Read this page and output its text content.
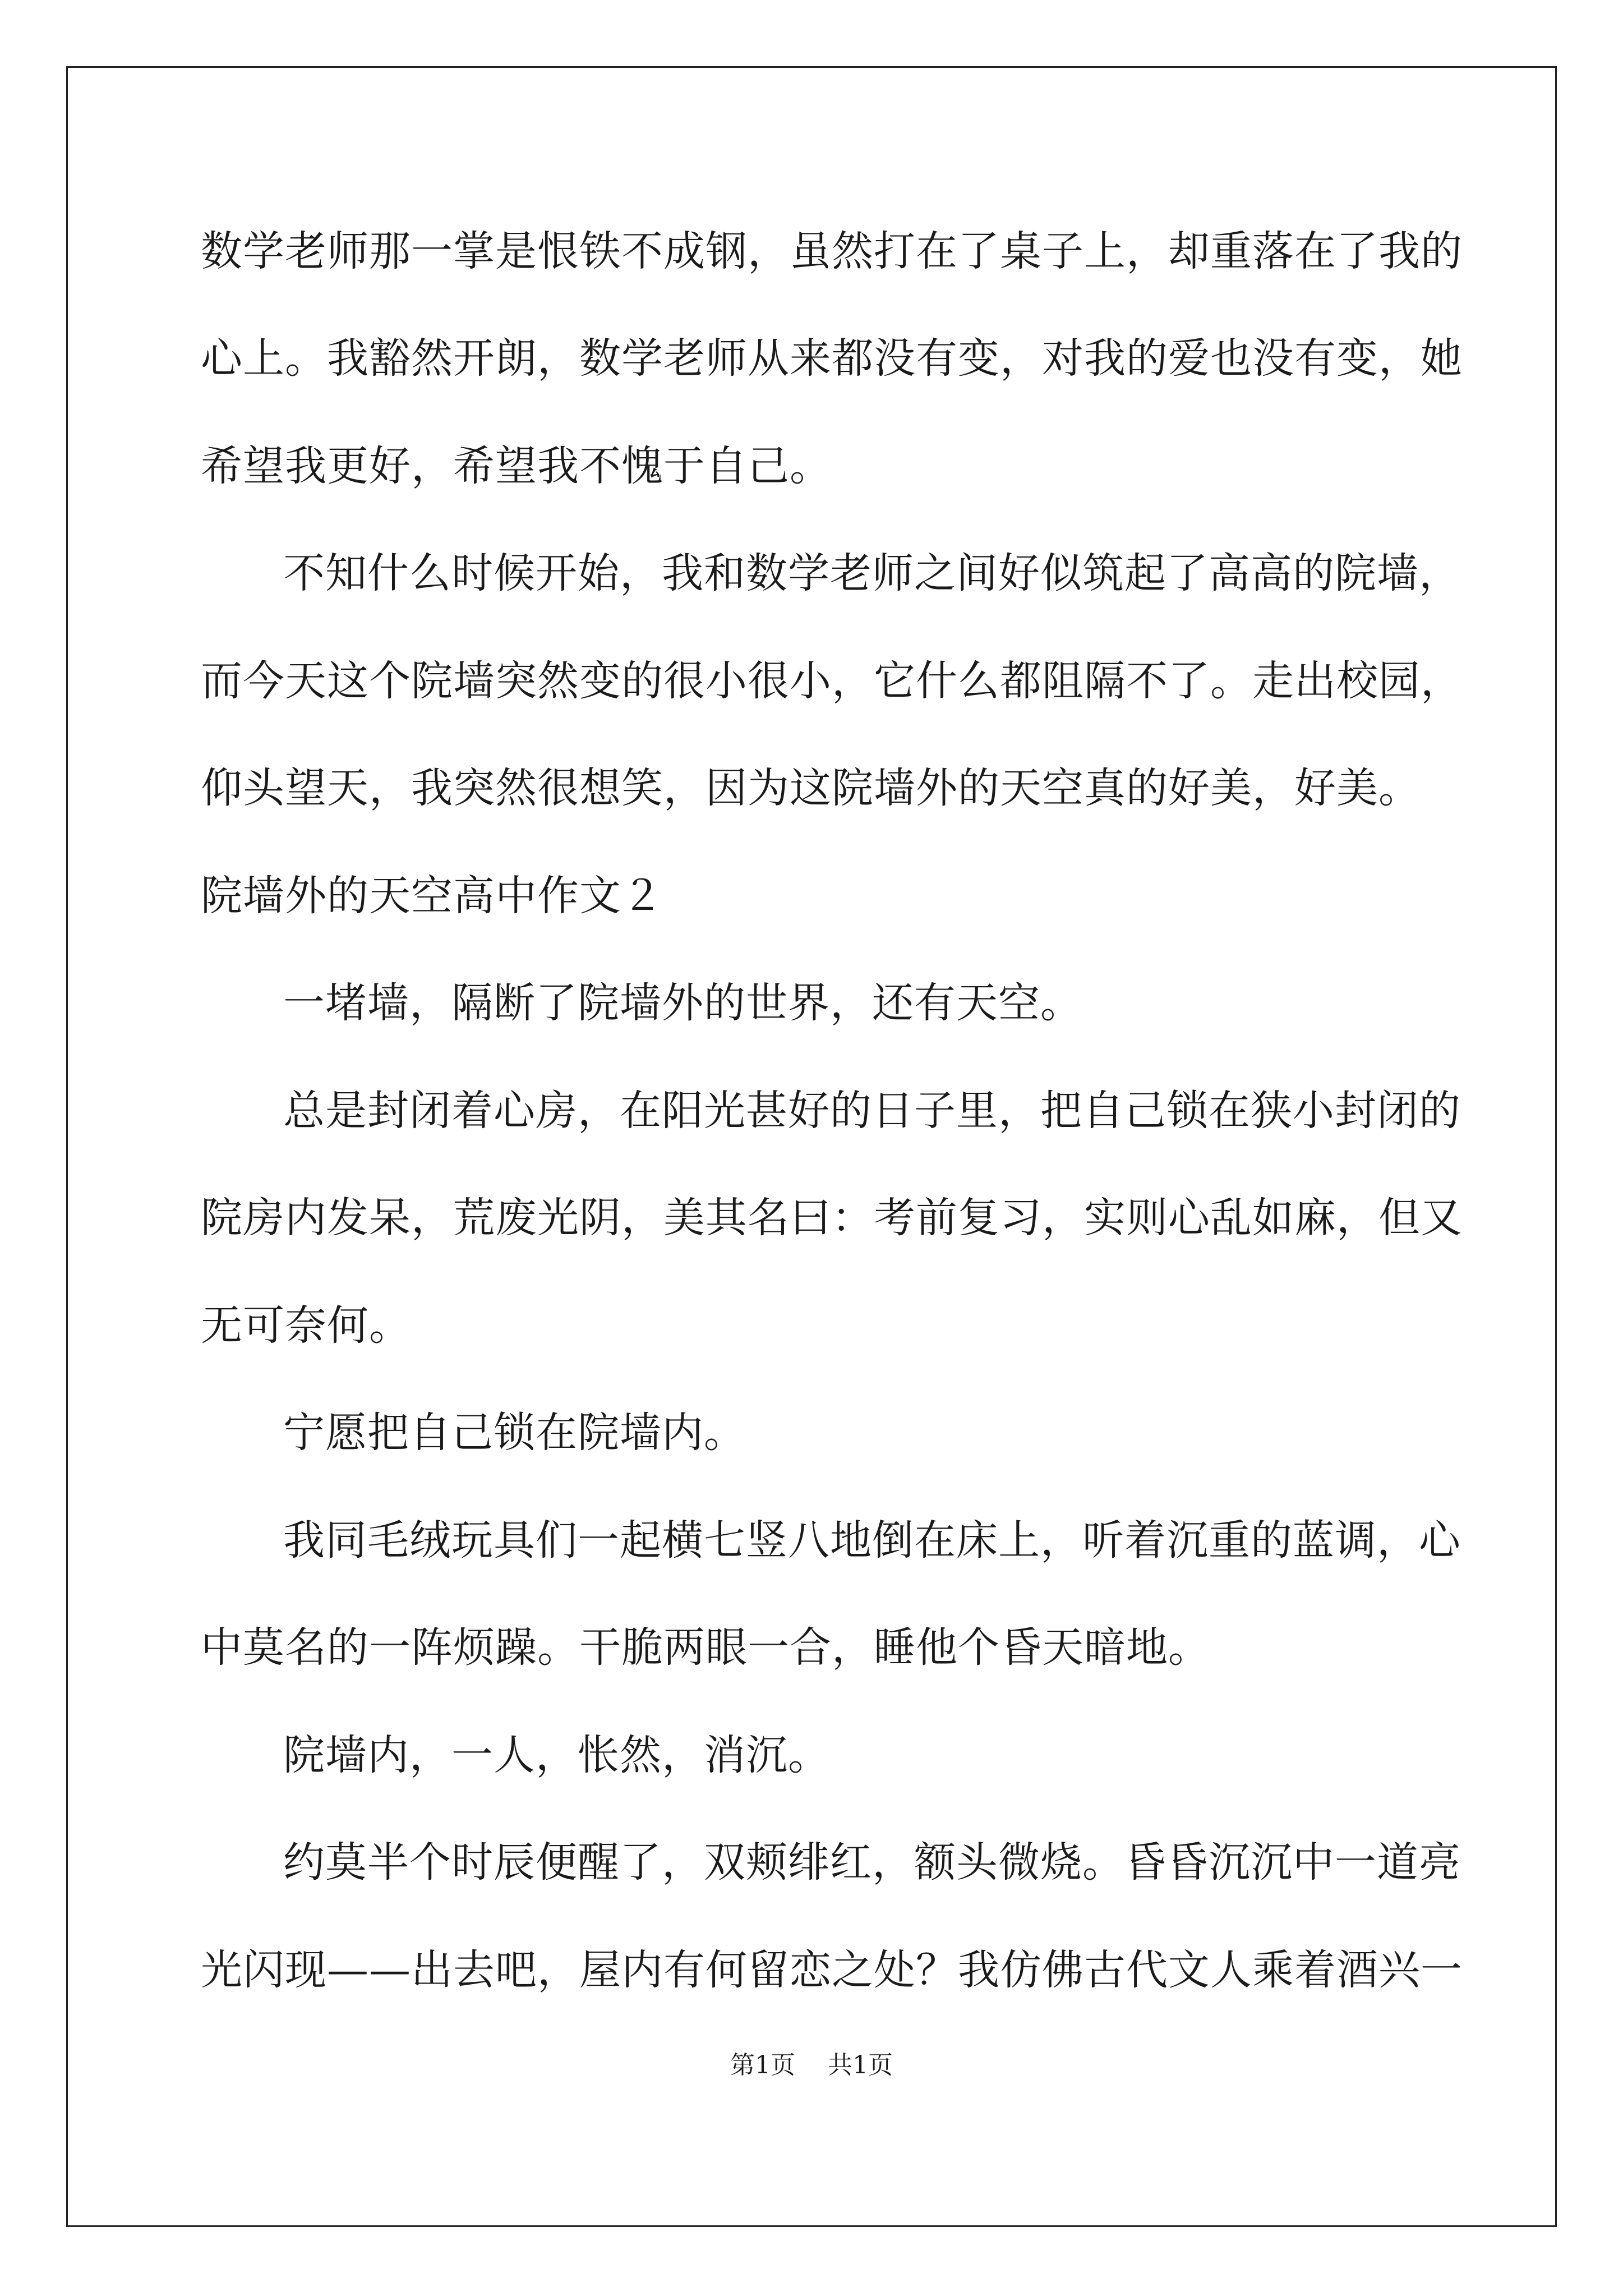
数学老师那一掌是恨铁不成钢，虽然打在了桌子上，却重落在了我的
心上。我豁然开朗，数学老师从来都没有变，对我的爱也没有变，她
希望我更好，希望我不愧于自己。
不知什么时候开始，我和数学老师之间好似筑起了高高的院墙，
而今天这个院墙突然变的很小很小，它什么都阻隔不了。走出校园，
仰头望天，我突然很想笑，因为这院墙外的天空真的好美，好美。
院墙外的天空高中作文２
一堵墙，隔断了院墙外的世界，还有天空。
总是封闭着心房，在阳光甚好的日子里，把自己锁在狭小封闭的
院房内发呆，荒废光阴，美其名曰：考前复习，实则心乱如麻，但又
无可奈何。
宁愿把自己锁在院墙内。
我同毛绒玩具们一起横七竖八地倒在床上，听着沉重的蓝调，心
中莫名的一阵烦躁。干脆两眼一合，睡他个昏天暗地。
院墙内，一人，怅然，消沉。
约莫半个时辰便醒了，双颊绯红，额头微烧。昏昏沉沉中一道亮
光闪现——出去吧，屋内有何留恋之处？我仿佛古代文人乘着酒兴一
第1页 共1页
